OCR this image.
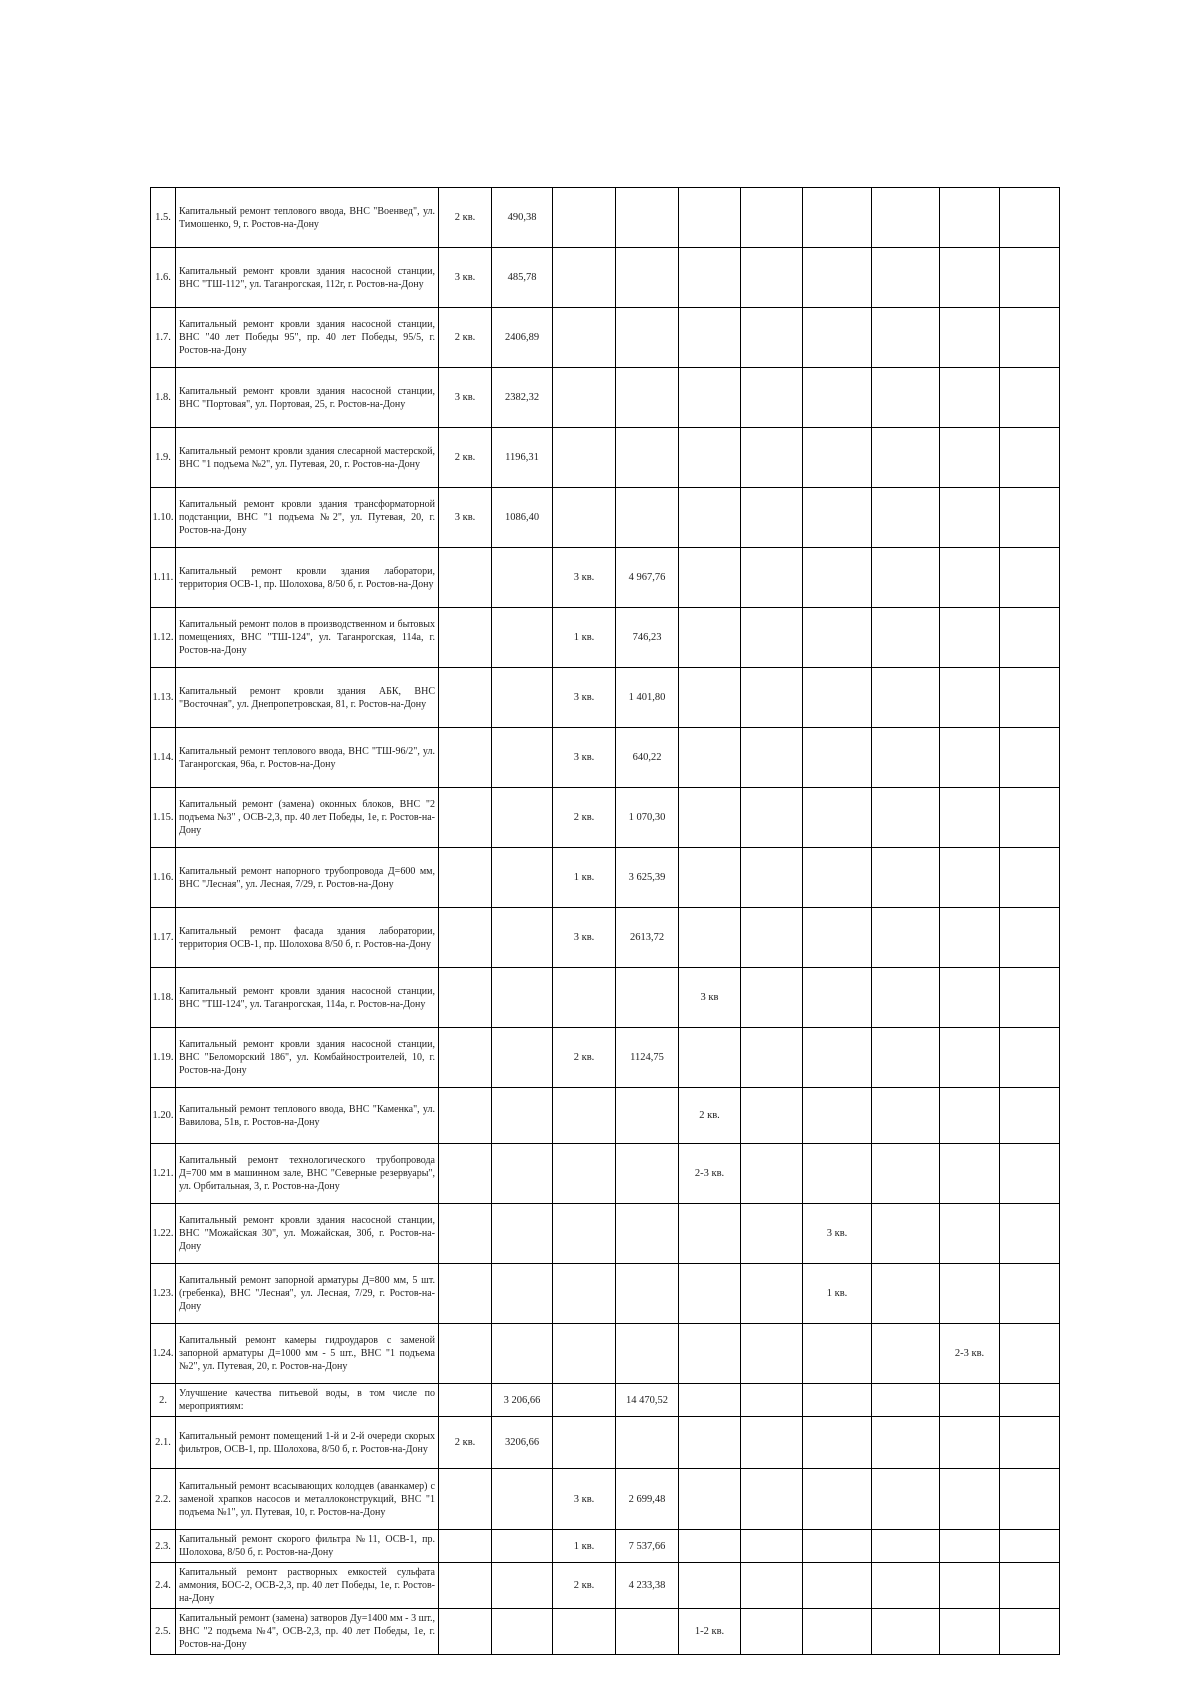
1.5.	Капитальный ремонт теплового ввода, ВНС "Военвед", ул. Тимошенко, 9, г. Ростов-на-Дону	2 кв.	490,38								
1.6.	Капитальный ремонт кровли здания насосной станции, ВНС "ТШ-112", ул. Таганрогская, 112г, г. Ростов-на-Дону	3 кв.	485,78								
1.7.	Капитальный ремонт кровли здания насосной станции, ВНС "40 лет Победы 95", пр. 40 лет Победы, 95/5, г. Ростов-на-Дону	2 кв.	2406,89								
1.8.	Капитальный ремонт кровли здания насосной станции, ВНС "Портовая", ул. Портовая, 25, г. Ростов-на-Дону	3 кв.	2382,32								
1.9.	Капитальный ремонт кровли здания слесарной мастерской, ВНС "1 подъема №2", ул. Путевая, 20, г. Ростов-на-Дону	2 кв.	1196,31								
1.10.	Капитальный ремонт кровли здания трансформаторной подстанции, ВНС "1 подъема №2", ул. Путевая, 20, г. Ростов-на-Дону	3 кв.	1086,40								
1.11.	Капитальный ремонт кровли здания лаборатори, территория ОСВ-1, пр. Шолохова, 8/50 б, г. Ростов-на-Дону			3 кв.	4 967,76						
1.12.	Капитальный ремонт полов в производственном и бытовых помещениях, ВНС "ТШ-124", ул. Таганрогская, 114а, г. Ростов-на-Дону			1 кв.	746,23						
1.13.	Капитальный ремонт кровли здания АБК, ВНС "Восточная", ул. Днепропетровская, 81, г. Ростов-на-Дону			3 кв.	1 401,80						
1.14.	Капитальный ремонт теплового ввода, ВНС "ТШ-96/2", ул. Таганрогская, 96а, г. Ростов-на-Дону			3 кв.	640,22						
1.15.	Капитальный ремонт (замена) оконных блоков, ВНС "2 подъема №3" , ОСВ-2,3, пр. 40 лет Победы, 1е, г. Ростов-на-Дону			2 кв.	1 070,30						
1.16.	Капитальный ремонт напорного трубопровода Д=600 мм, ВНС "Лесная", ул. Лесная, 7/29, г. Ростов-на-Дону			1 кв.	3 625,39						
1.17.	Капитальный ремонт фасада здания лаборатории, территория ОСВ-1, пр. Шолохова 8/50 б, г. Ростов-на-Дону			3 кв.	2613,72						
1.18.	Капитальный ремонт кровли здания насосной станции, ВНС "ТШ-124", ул. Таганрогская, 114а, г. Ростов-на-Дону					3 кв					
1.19.	Капитальный ремонт кровли здания насосной станции, ВНС "Беломорский 186", ул. Комбайностроителей, 10, г. Ростов-на-Дону			2 кв.	1124,75						
1.20.	Капитальный ремонт теплового ввода, ВНС "Каменка", ул. Вавилова, 51в, г. Ростов-на-Дону					2 кв.					
1.21.	Капитальный ремонт технологического трубопровода Д=700 мм в машинном зале, ВНС "Северные резервуары", ул. Орбитальная, 3, г. Ростов-на-Дону					2-3 кв.					
1.22.	Капитальный ремонт кровли здания насосной станции, ВНС "Можайская 30", ул. Можайская, 30б, г. Ростов-на-Дону							3 кв.			
1.23.	Капитальный ремонт запорной арматуры Д=800 мм, 5 шт. (гребенка), ВНС "Лесная", ул. Лесная, 7/29, г. Ростов-на-Дону							1 кв.			
1.24.	Капитальный ремонт камеры гидроударов с заменой запорной арматуры Д=1000 мм - 5 шт., ВНС "1 подъема №2", ул. Путевая, 20, г. Ростов-на-Дону									2-3 кв.	
2.	Улучшение качества питьевой воды, в том числе по мероприятиям:		3 206,66		14 470,52						
2.1.	Капитальный ремонт помещений 1-й и 2-й очереди скорых фильтров, ОСВ-1, пр. Шолохова, 8/50 б, г. Ростов-на-Дону	2 кв.	3206,66								
2.2.	Капитальный ремонт всасывающих колодцев (аванкамер) с заменой храпков насосов и металлоконструкций, ВНС "1 подъема №1", ул. Путевая, 10, г. Ростов-на-Дону			3 кв.	2 699,48						
2.3.	Капитальный ремонт скорого фильтра №11, ОСВ-1, пр. Шолохова, 8/50 б, г. Ростов-на-Дону			1 кв.	7 537,66						
2.4.	Капитальный ремонт растворных емкостей сульфата аммония, БОС-2, ОСВ-2,3, пр. 40 лет Победы, 1е, г. Ростов-на-Дону			2 кв.	4 233,38						
2.5.	Капитальный ремонт (замена) затворов Ду=1400 мм - 3 шт., ВНС "2 подъема №4", ОСВ-2,3, пр. 40 лет Победы, 1е, г. Ростов-на-Дону					1-2 кв.					
